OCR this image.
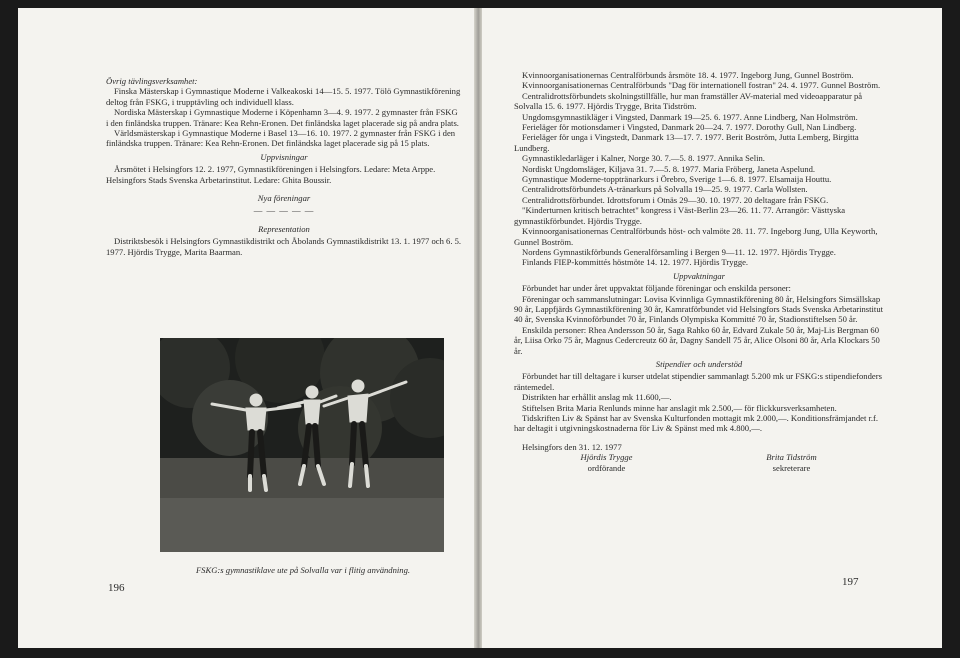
Övrig tävlingsverksamhet:

Finska Mästerskap i Gymnastique Moderne i Valkeakoski 14—15. 5. 1977. Tölö Gymnastikförening deltog från FSKG, i trupptävling och individuell klass.

Nordiska Mästerskap i Gymnastique Moderne i Köpenhamn 3—4. 9. 1977. 2 gymnaster från FSKG i den finländska truppen. Tränare: Kea Rehn-Eronen. Det finländska laget placerade sig på andra plats.

Världsmästerskap i Gymnastique Moderne i Basel 13—16. 10. 1977. 2 gymnaster från FSKG i den finländska truppen. Tränare: Kea Rehn-Eronen. Det finländska laget placerade sig på 15 plats.

Uppvisningar

Årsmötet i Helsingfors 12. 2. 1977, Gymnastikföreningen i Helsingfors. Ledare: Meta Arppe. Helsingfors Stads Svenska Arbetarinstitut. Ledare: Ghita Boussir.

Nya föreningar

— — — — —

Representation

Distriktsbesök i Helsingfors Gymnastikdistrikt och Åbolands Gymnastikdistrikt 13. 1. 1977 och 6. 5. 1977. Hjördis Trygge, Marita Baarman.

FSKG:s gymnastiklave ute på Solvalla var i flitig användning.
196

Kvinnoorganisationernas Centralförbunds årsmöte 18. 4. 1977. Ingeborg Jung, Gunnel Boström.

Kvinnoorganisationernas Centralförbunds "Dag för internationell fostran" 24. 4. 1977. Gunnel Boström.

Centralidrottsförbundets skolningstillfälle, hur man framställer AV-material med videoapparatur på Solvalla 15. 6. 1977. Hjördis Trygge, Brita Tidström.

Ungdomsgymnastikläger i Vingsted, Danmark 19—25. 6. 1977. Anne Lindberg, Nan Holmström.

Ferieläger för motionsdamer i Vingsted, Danmark 20—24. 7. 1977. Dorothy Gull, Nan Lindberg.

Ferieläger för unga i Vingstedt, Danmark 13—17. 7. 1977. Berit Boström, Jutta Lemberg, Birgitta Lundberg.

Gymnastikledarläger i Kalner, Norge 30. 7.—5. 8. 1977. Annika Selin.

Nordiskt Ungdomsläger, Kiljava 31. 7.—5. 8. 1977. Maria Fröberg, Janeta Aspelund.

Gymnastique Moderne-topptränarkurs i Örebro, Sverige 1—6. 8. 1977. Elsamaija Houttu.

Centralidrottsförbundets A-tränarkurs på Solvalla 19—25. 9. 1977. Carla Wollsten.

Centralidrottsförbundet. Idrottsforum i Otnäs 29—30. 10. 1977. 20 deltagare från FSKG.

"Kinderturnen kritisch betrachtet" kongress i Väst-Berlin 23—26. 11. 77. Arrangör: Västtyska gymnastikförbundet. Hjördis Trygge.

Kvinnoorganisationernas Centralförbunds höst- och valmöte 28. 11. 77. Ingeborg Jung, Ulla Keyworth, Gunnel Boström.

Nordens Gymnastikförbunds Generalförsamling i Bergen 9—11. 12. 1977. Hjördis Trygge.

Finlands FIEP-kommittés höstmöte 14. 12. 1977. Hjördis Trygge.

Uppvaktningar

Förbundet har under året uppvaktat följande föreningar och enskilda personer:

Föreningar och sammanslutningar: Lovisa Kvinnliga Gymnastikförening 80 år, Helsingfors Simsällskap 90 år, Lappfjärds Gymnastikförening 30 år, Kamratförbundet vid Helsingfors Stads Svenska Arbetarinstitut 40 år, Svenska Kvinnoförbundet 70 år, Finlands Olympiska Kommitté 70 år, Stadionstiftelsen 50 år.

Enskilda personer: Rhea Andersson 50 år, Saga Rahko 60 år, Edvard Zukale 50 år, Maj-Lis Bergman 60 år, Liisa Orko 75 år, Magnus Cedercreutz 60 år, Dagny Sandell 75 år, Alice Olsoni 80 år, Arla Klockars 50 år.

Stipendier och understöd

Förbundet har till deltagare i kurser utdelat stipendier sammanlagt 5.200 mk ur FSKG:s stipendiefonders räntemedel.

Distrikten har erhållit anslag mk 11.600,—.

Stiftelsen Brita Maria Renlunds minne har anslagit mk 2.500,— för flickkursverksamheten.

Tidskriften Liv & Spänst har av Svenska Kulturfonden mottagit mk 2.000,—. Konditionsfrämjandet r.f. har deltagit i utgivningskostnaderna för Liv & Spänst med mk 4.800,—.

Helsingfors den 31. 12. 1977

Hjördis Trygge

ordförande

Brita Tidström

sekreterare

197
